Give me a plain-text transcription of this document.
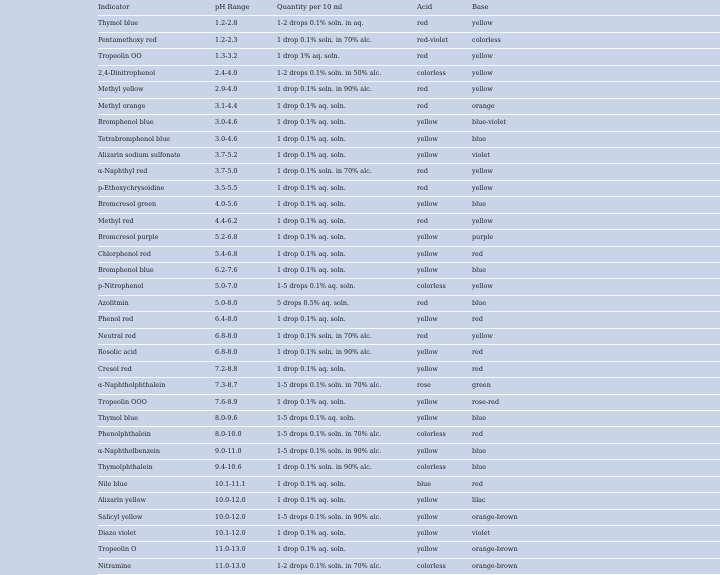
Indicator	pH Range	Quantity per 10 ml	Acid	Base
Thymol blue	1.2-2.8	1-2 drops 0.1% soln. in aq.	red	yellow
Pentamethoxy red	1.2-2.3	1 drop 0.1% soln. in 70% alc.	red-violet	colorless
Tropeolin OO	1.3-3.2	1 drop 1% aq. soln.	red	yellow
2,4-Dinitrophenol	2.4-4.0	1-2 drops 0.1% soln. in 50% alc.	colorless	yellow
Methyl yellow	2.9-4.0	1 drop 0.1% soln. in 90% alc.	red	yellow
Methyl orange	3.1-4.4	1 drop 0.1% aq. soln.	red	orange
Bromphenol blue	3.0-4.6	1 drop 0.1% aq. soln.	yellow	blue-violet
Tetrabromphenol blue	3.0-4.6	1 drop 0.1% aq. soln.	yellow	blue
Alizarin sodium sulfonate	3.7-5.2	1 drop 0.1% aq. soln.	yellow	violet
α-Naphthyl red	3.7-5.0	1 drop 0.1% soln. in 70% alc.	red	yellow
p-Ethoxychrysoidine	3.5-5.5	1 drop 0.1% aq. soln.	red	yellow
Bromcresol green	4.0-5.6	1 drop 0.1% aq. soln.	yellow	blue
Methyl red	4.4-6.2	1 drop 0.1% aq. soln.	red	yellow
Bromcresol purple	5.2-6.8	1 drop 0.1% aq. soln.	yellow	purple
Chlorphenol red	5.4-6.8	1 drop 0.1% aq. soln.	yellow	red
Bromphenol blue	6.2-7.6	1 drop 0.1% aq. soln.	yellow	blue
p-Nitrophenol	5.0-7.0	1-5 drops 0.1% aq. soln.	colorless	yellow
Azolitmin	5.0-8.0	5 drops 0.5% aq. soln.	red	blue
Phenol red	6.4-8.0	1 drop 0.1% aq. soln.	yellow	red
Neutral red	6.8-8.0	1 drop 0.1% soln. in 70% alc.	red	yellow
Rosolic acid	6.8-8.0	1 drop 0.1% soln. in 90% alc.	yellow	red
Cresol red	7.2-8.8	1 drop 0.1% aq. soln.	yellow	red
α-Naphtholphthalein	7.3-8.7	1-5 drops 0.1% soln. in 70% alc.	rose	green
Tropeolin OOO	7.6-8.9	1 drop 0.1% aq. soln.	yellow	rose-red
Thymol blue	8.0-9.6	1-5 drops 0.1% aq. soln.	yellow	blue
Phenolphthalein	8.0-10.0	1-5 drops 0.1% soln. in 70% alc.	colorless	red
α-Naphtholbenzein	9.0-11.0	1-5 drops 0.1% soln. in 90% alc.	yellow	blue
Thymolphthalein	9.4-10.6	1 drop 0.1% soln. in 90% alc.	colorless	blue
Nile blue	10.1-11.1	1 drop 0.1% aq. soln.	blue	red
Alizarin yellow	10.0-12.0	1 drop 0.1% aq. soln.	yellow	lilac
Salicyl yellow	10.0-12.0	1-5 drops 0.1% soln. in 90% alc.	yellow	orange-brown
Diazo violet	10.1-12.0	1 drop 0.1% aq. soln.	yellow	violet
Tropeolin O	11.0-13.0	1 drop 0.1% aq. soln.	yellow	orange-brown
Nitramine	11.0-13.0	1-2 drops 0.1% soln. in 70% alc.	colorless	orange-brown
